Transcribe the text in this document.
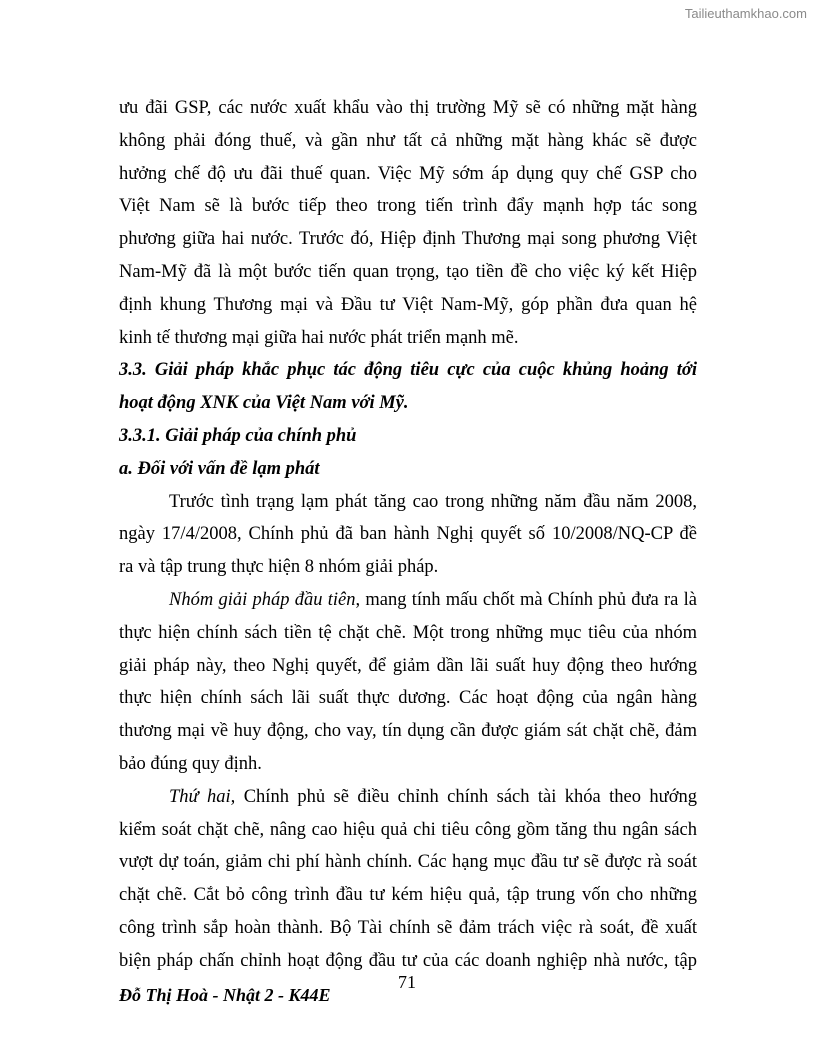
Tailieuthamkhao.com
ưu đãi GSP, các nước xuất khẩu vào thị trường Mỹ sẽ có những mặt hàng
không phải đóng thuế, và gần như tất cả những mặt hàng khác sẽ được
hưởng chế độ ưu đãi thuế quan. Việc Mỹ sớm áp dụng quy chế GSP cho
Việt Nam sẽ là bước tiếp theo trong tiến trình đẩy mạnh hợp tác song
phương giữa hai nước. Trước đó, Hiệp định Thương mại song phương Việt
Nam-Mỹ đã là một bước tiến quan trọng, tạo tiền đề cho việc ký kết Hiệp
định khung Thương mại và Đầu tư Việt Nam-Mỹ, góp phần đưa quan hệ
kinh tế thương mại giữa hai nước phát triển mạnh mẽ.
3.3. Giải pháp khắc phục tác động tiêu cực của cuộc khủng hoảng tới
hoạt động XNK của Việt Nam với Mỹ.
3.3.1. Giải pháp của chính phủ
a. Đối với vấn đề lạm phát
Trước tình trạng lạm phát tăng cao trong những năm đầu năm 2008,
ngày 17/4/2008, Chính phủ đã ban hành Nghị quyết số 10/2008/NQ-CP đề
ra và tập trung thực hiện 8 nhóm giải pháp.
Nhóm giải pháp đầu tiên, mang tính mấu chốt mà Chính phủ đưa ra là
thực hiện chính sách tiền tệ chặt chẽ. Một trong những mục tiêu của nhóm
giải pháp này, theo Nghị quyết, để giảm dần lãi suất huy động theo hướng
thực hiện chính sách lãi suất thực dương. Các hoạt động của ngân hàng
thương mại về huy động, cho vay, tín dụng cần được giám sát chặt chẽ, đảm
bảo đúng quy định.
Thứ hai, Chính phủ sẽ điều chỉnh chính sách tài khóa theo hướng
kiểm soát chặt chẽ, nâng cao hiệu quả chi tiêu công gồm tăng thu ngân sách
vượt dự toán, giảm chi phí hành chính. Các hạng mục đầu tư sẽ được rà soát
chặt chẽ. Cắt bỏ công trình đầu tư kém hiệu quả, tập trung vốn cho những
công trình sắp hoàn thành. Bộ Tài chính sẽ đảm trách việc rà soát, đề xuất
biện pháp chấn chỉnh hoạt động đầu tư của các doanh nghiệp nhà nước, tập
71
Đỗ Thị Hoà - Nhật 2 - K44E
